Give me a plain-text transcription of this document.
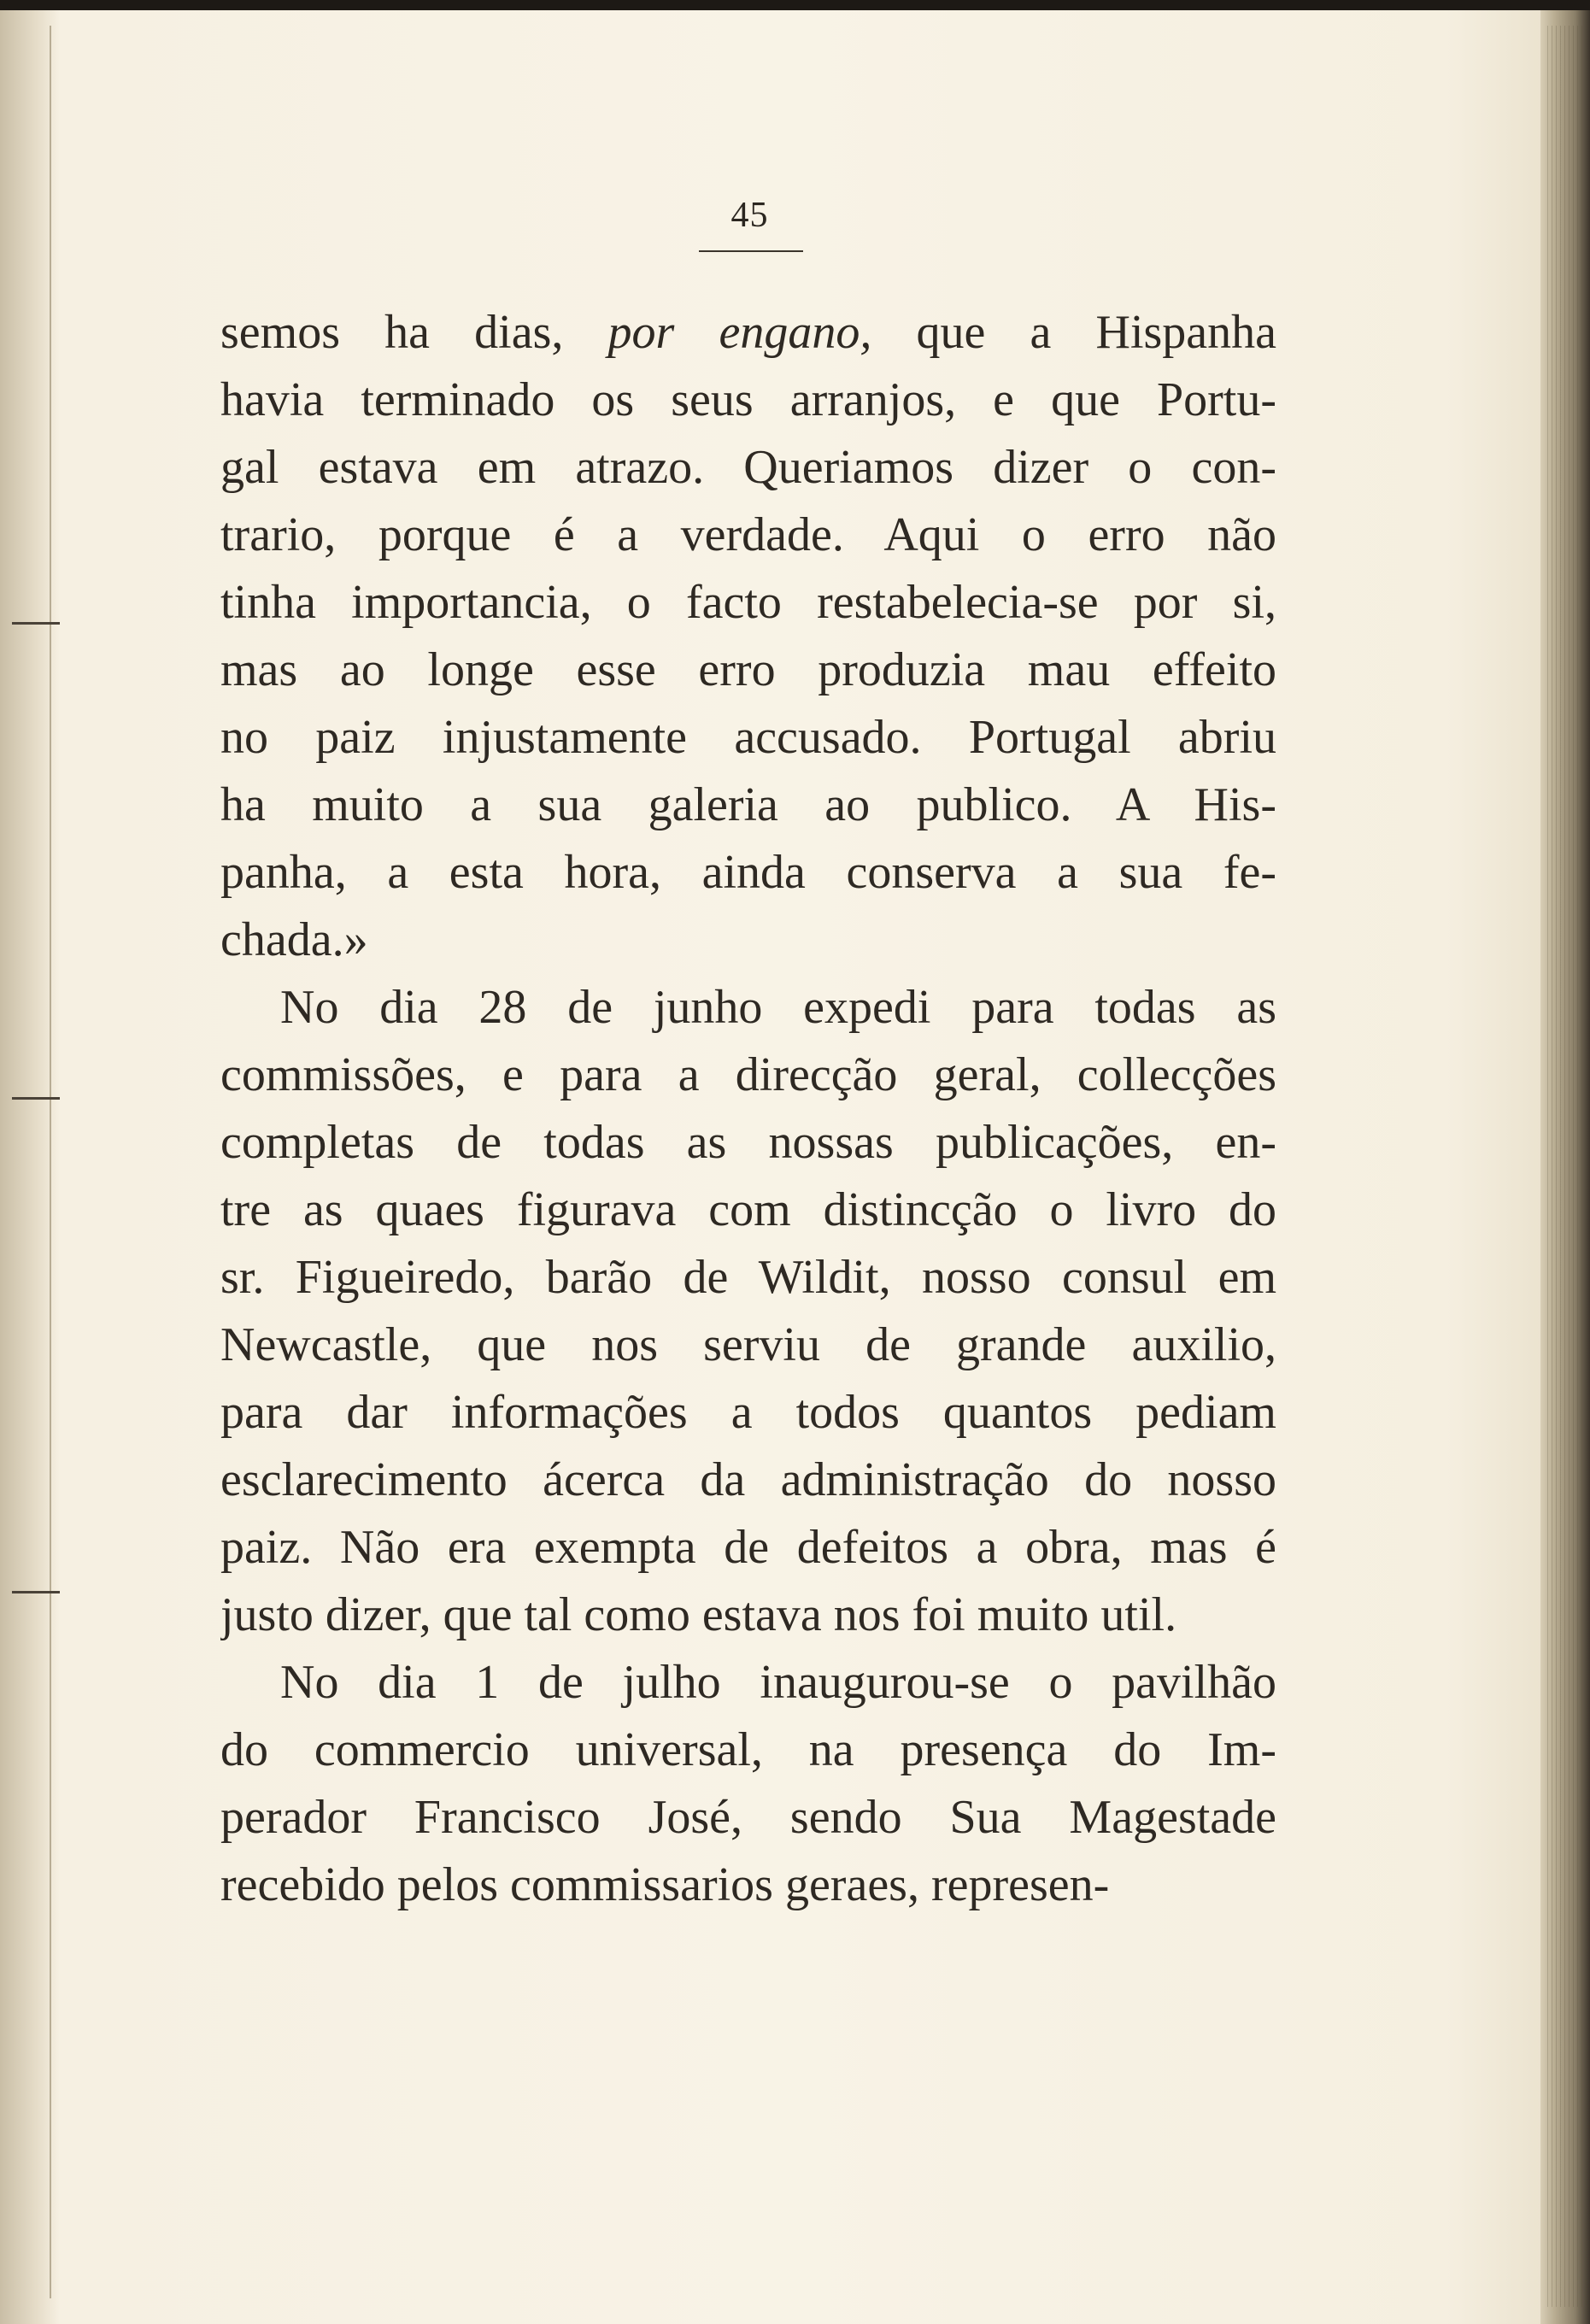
45
semos ha dias, por engano, que a Hispanha
havia terminado os seus arranjos, e que Portu-
gal estava em atrazo. Queriamos dizer o con-
trario, porque é a verdade. Aqui o erro não
tinha importancia, o facto restabelecia-se por si,
mas ao longe esse erro produzia mau effeito
no paiz injustamente accusado. Portugal abriu
ha muito a sua galeria ao publico. A His-
panha, a esta hora, ainda conserva a sua fe-
chada.»
No dia 28 de junho expedi para todas as
commissões, e para a direcção geral, collecções
completas de todas as nossas publicações, en-
tre as quaes figurava com distincção o livro do
sr. Figueiredo, barão de Wildit, nosso consul em
Newcastle, que nos serviu de grande auxilio,
para dar informações a todos quantos pediam
esclarecimento ácerca da administração do nosso
paiz. Não era exempta de defeitos a obra, mas é
justo dizer, que tal como estava nos foi muito util.
No dia 1 de julho inaugurou-se o pavilhão
do commercio universal, na presença do Im-
perador Francisco José, sendo Sua Magestade
recebido pelos commissarios geraes, represen-
